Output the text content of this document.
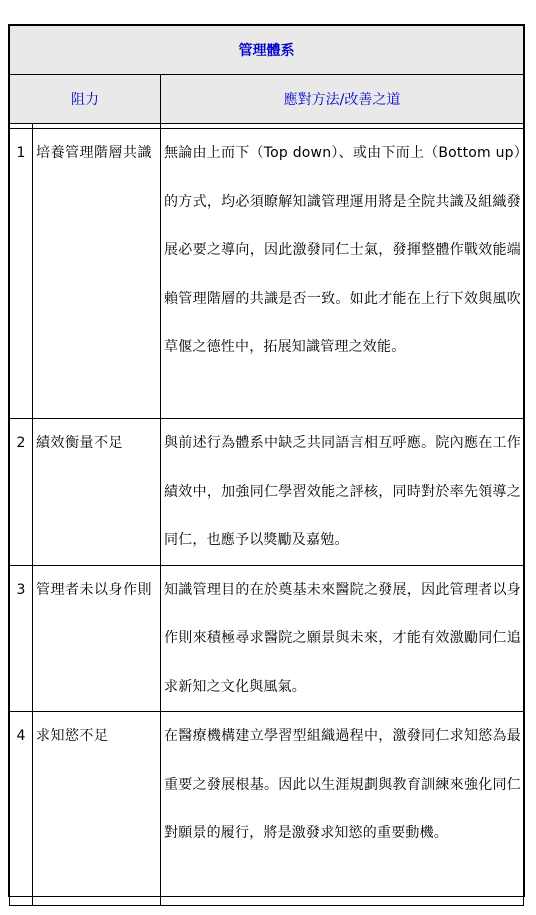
管理體系		
阻力		應對方法/改善之道

1	培養管理階層共識	無論由上而下（Top down）、或由下而上（Bottom up）的方式，均必須瞭解知識管理運用將是全院共識及組織發展必要之導向，因此激發同仁士氣，發揮整體作戰效能端賴管理階層的共識是否一致。如此才能在上行下效與風吹草偃之德性中，拓展知識管理之效能。
2	績效衡量不足	與前述行為體系中缺乏共同語言相互呼應。院內應在工作績效中，加強同仁學習效能之評核，同時對於率先領導之同仁，也應予以獎勵及嘉勉。
3	管理者未以身作則	知識管理目的在於奠基未來醫院之發展，因此管理者以身作則來積極尋求醫院之願景與未來，才能有效激勵同仁追求新知之文化與風氣。
4	求知慾不足	在醫療機構建立學習型組織過程中，激發同仁求知慾為最重要之發展根基。因此以生涯規劃與教育訓練來強化同仁對願景的履行，將是激發求知慾的重要動機。
